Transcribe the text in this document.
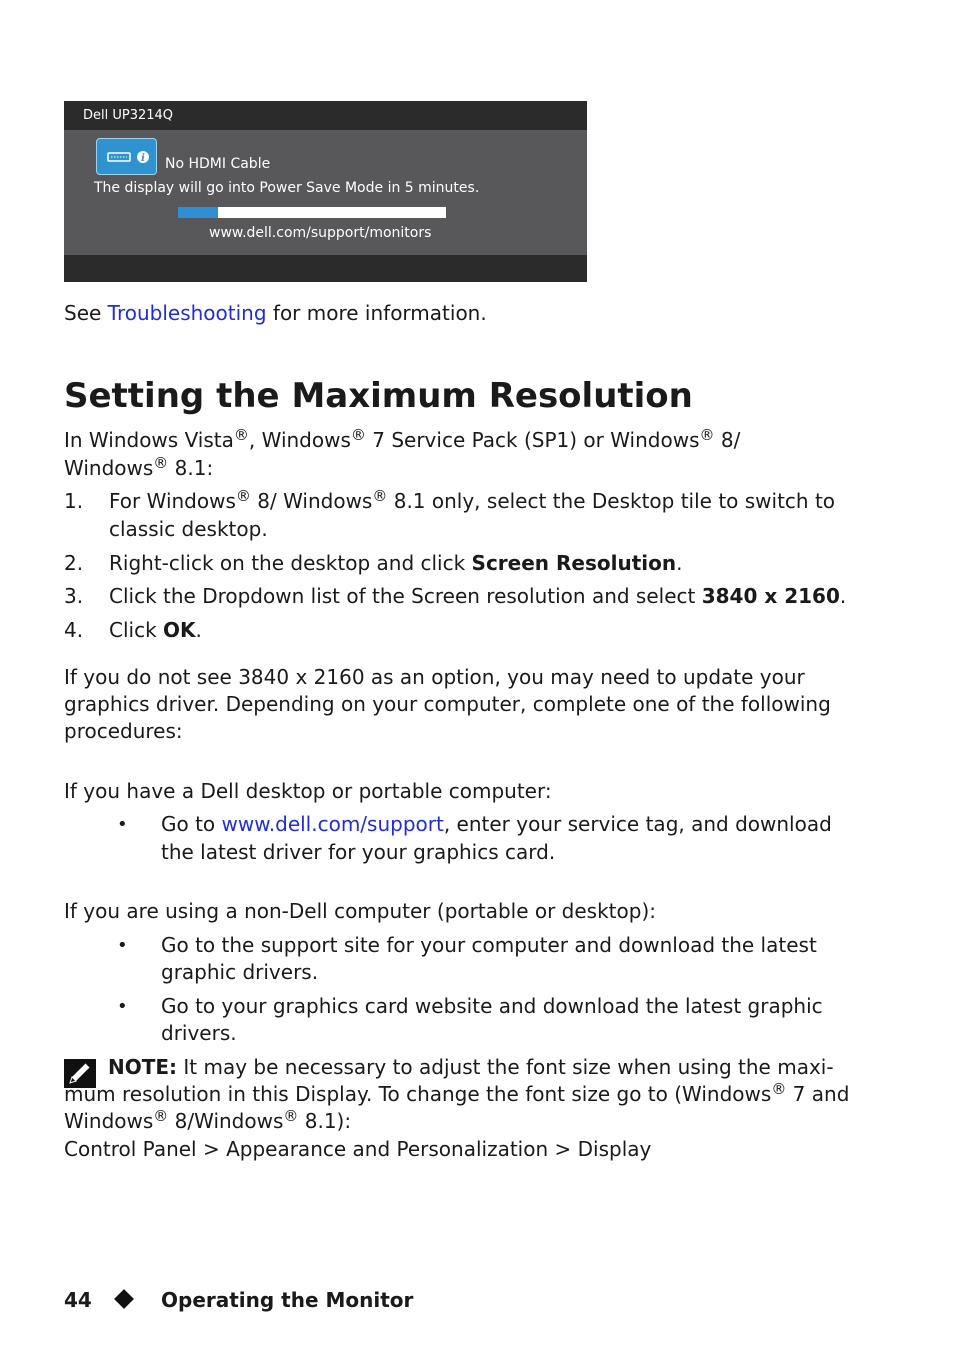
Dell UP3214Q
i No HDMI Cable
The display will go into Power Save Mode in 5 minutes.
www.dell.com/support/monitors
See Troubleshooting for more information.
Setting the Maximum Resolution
In Windows Vista®, Windows® 7 Service Pack (SP1) or Windows® 8/
Windows® 8.1:
1. For Windows® 8/ Windows® 8.1 only, select the Desktop tile to switch to
classic desktop.
2. Right-click on the desktop and click Screen Resolution.
3. Click the Dropdown list of the Screen resolution and select 3840 x 2160.
4. Click OK.
If you do not see 3840 x 2160 as an option, you may need to update your
graphics driver. Depending on your computer, complete one of the following
procedures:
If you have a Dell desktop or portable computer:
• Go to www.dell.com/support, enter your service tag, and download
the latest driver for your graphics card.
If you are using a non-Dell computer (portable or desktop):
• Go to the support site for your computer and download the latest
graphic drivers.
• Go to your graphics card website and download the latest graphic
drivers.
NOTE: It may be necessary to adjust the font size when using the maxi-
mum resolution in this Display. To change the font size go to (Windows® 7 and
Windows® 8/Windows® 8.1):
Control Panel > Appearance and Personalization > Display
44	Operating the Monitor
